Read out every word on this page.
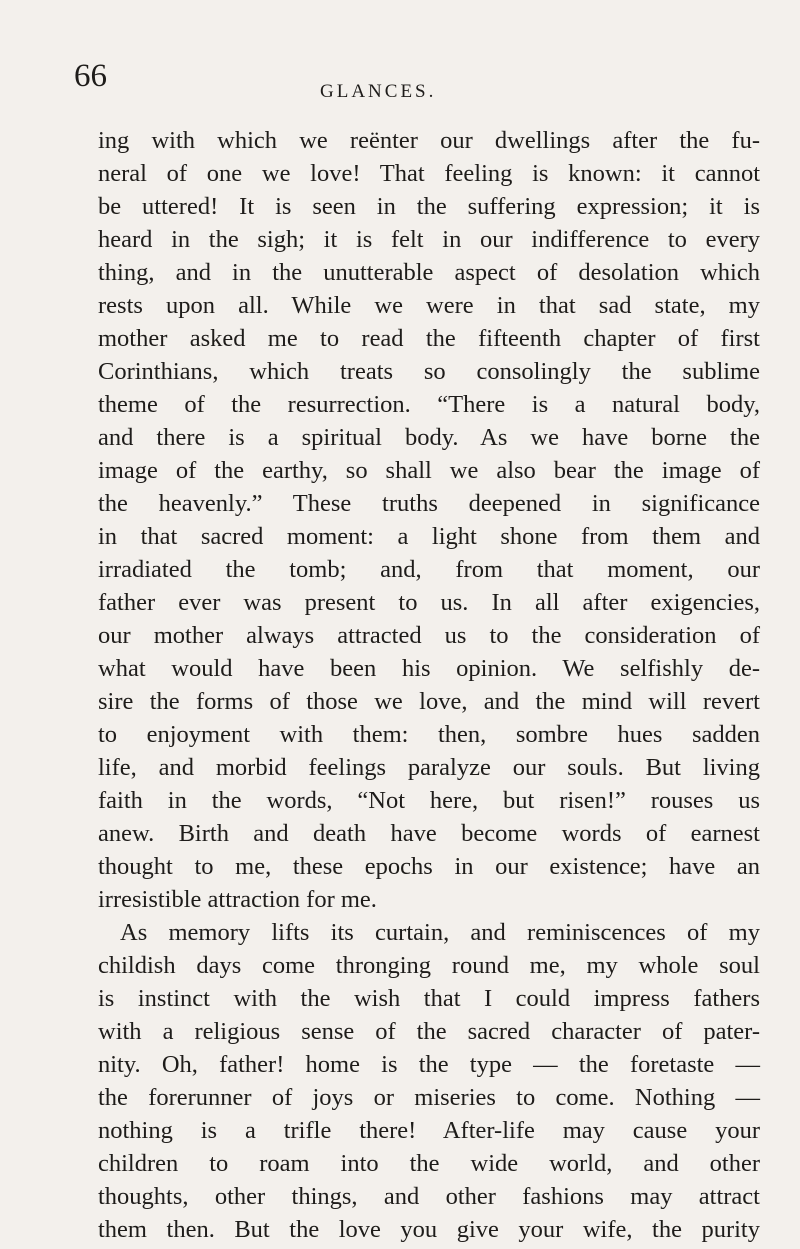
66	GLANCES.
ing with which we reënter our dwellings after the fu-
neral of one we love! That feeling is known: it cannot
be uttered! It is seen in the suffering expression; it is
heard in the sigh; it is felt in our indifference to every
thing, and in the unutterable aspect of desolation which
rests upon all. While we were in that sad state, my
mother asked me to read the fifteenth chapter of first
Corinthians, which treats so consolingly the sublime
theme of the resurrection. “There is a natural body,
and there is a spiritual body. As we have borne the
image of the earthy, so shall we also bear the image of
the heavenly.” These truths deepened in significance
in that sacred moment: a light shone from them and
irradiated the tomb; and, from that moment, our
father ever was present to us. In all after exigencies,
our mother always attracted us to the consideration of
what would have been his opinion. We selfishly de-
sire the forms of those we love, and the mind will revert
to enjoyment with them: then, sombre hues sadden
life, and morbid feelings paralyze our souls. But living
faith in the words, “Not here, but risen!” rouses us
anew. Birth and death have become words of earnest
thought to me, these epochs in our existence; have an
irresistible attraction for me.
As memory lifts its curtain, and reminiscences of my
childish days come thronging round me, my whole soul
is instinct with the wish that I could impress fathers
with a religious sense of the sacred character of pater-
nity. Oh, father! home is the type — the foretaste —
the forerunner of joys or miseries to come. Nothing —
nothing is a trifle there! After-life may cause your
children to roam into the wide world, and other
thoughts, other things, and other fashions may attract
them then. But the love you give your wife, the purity
